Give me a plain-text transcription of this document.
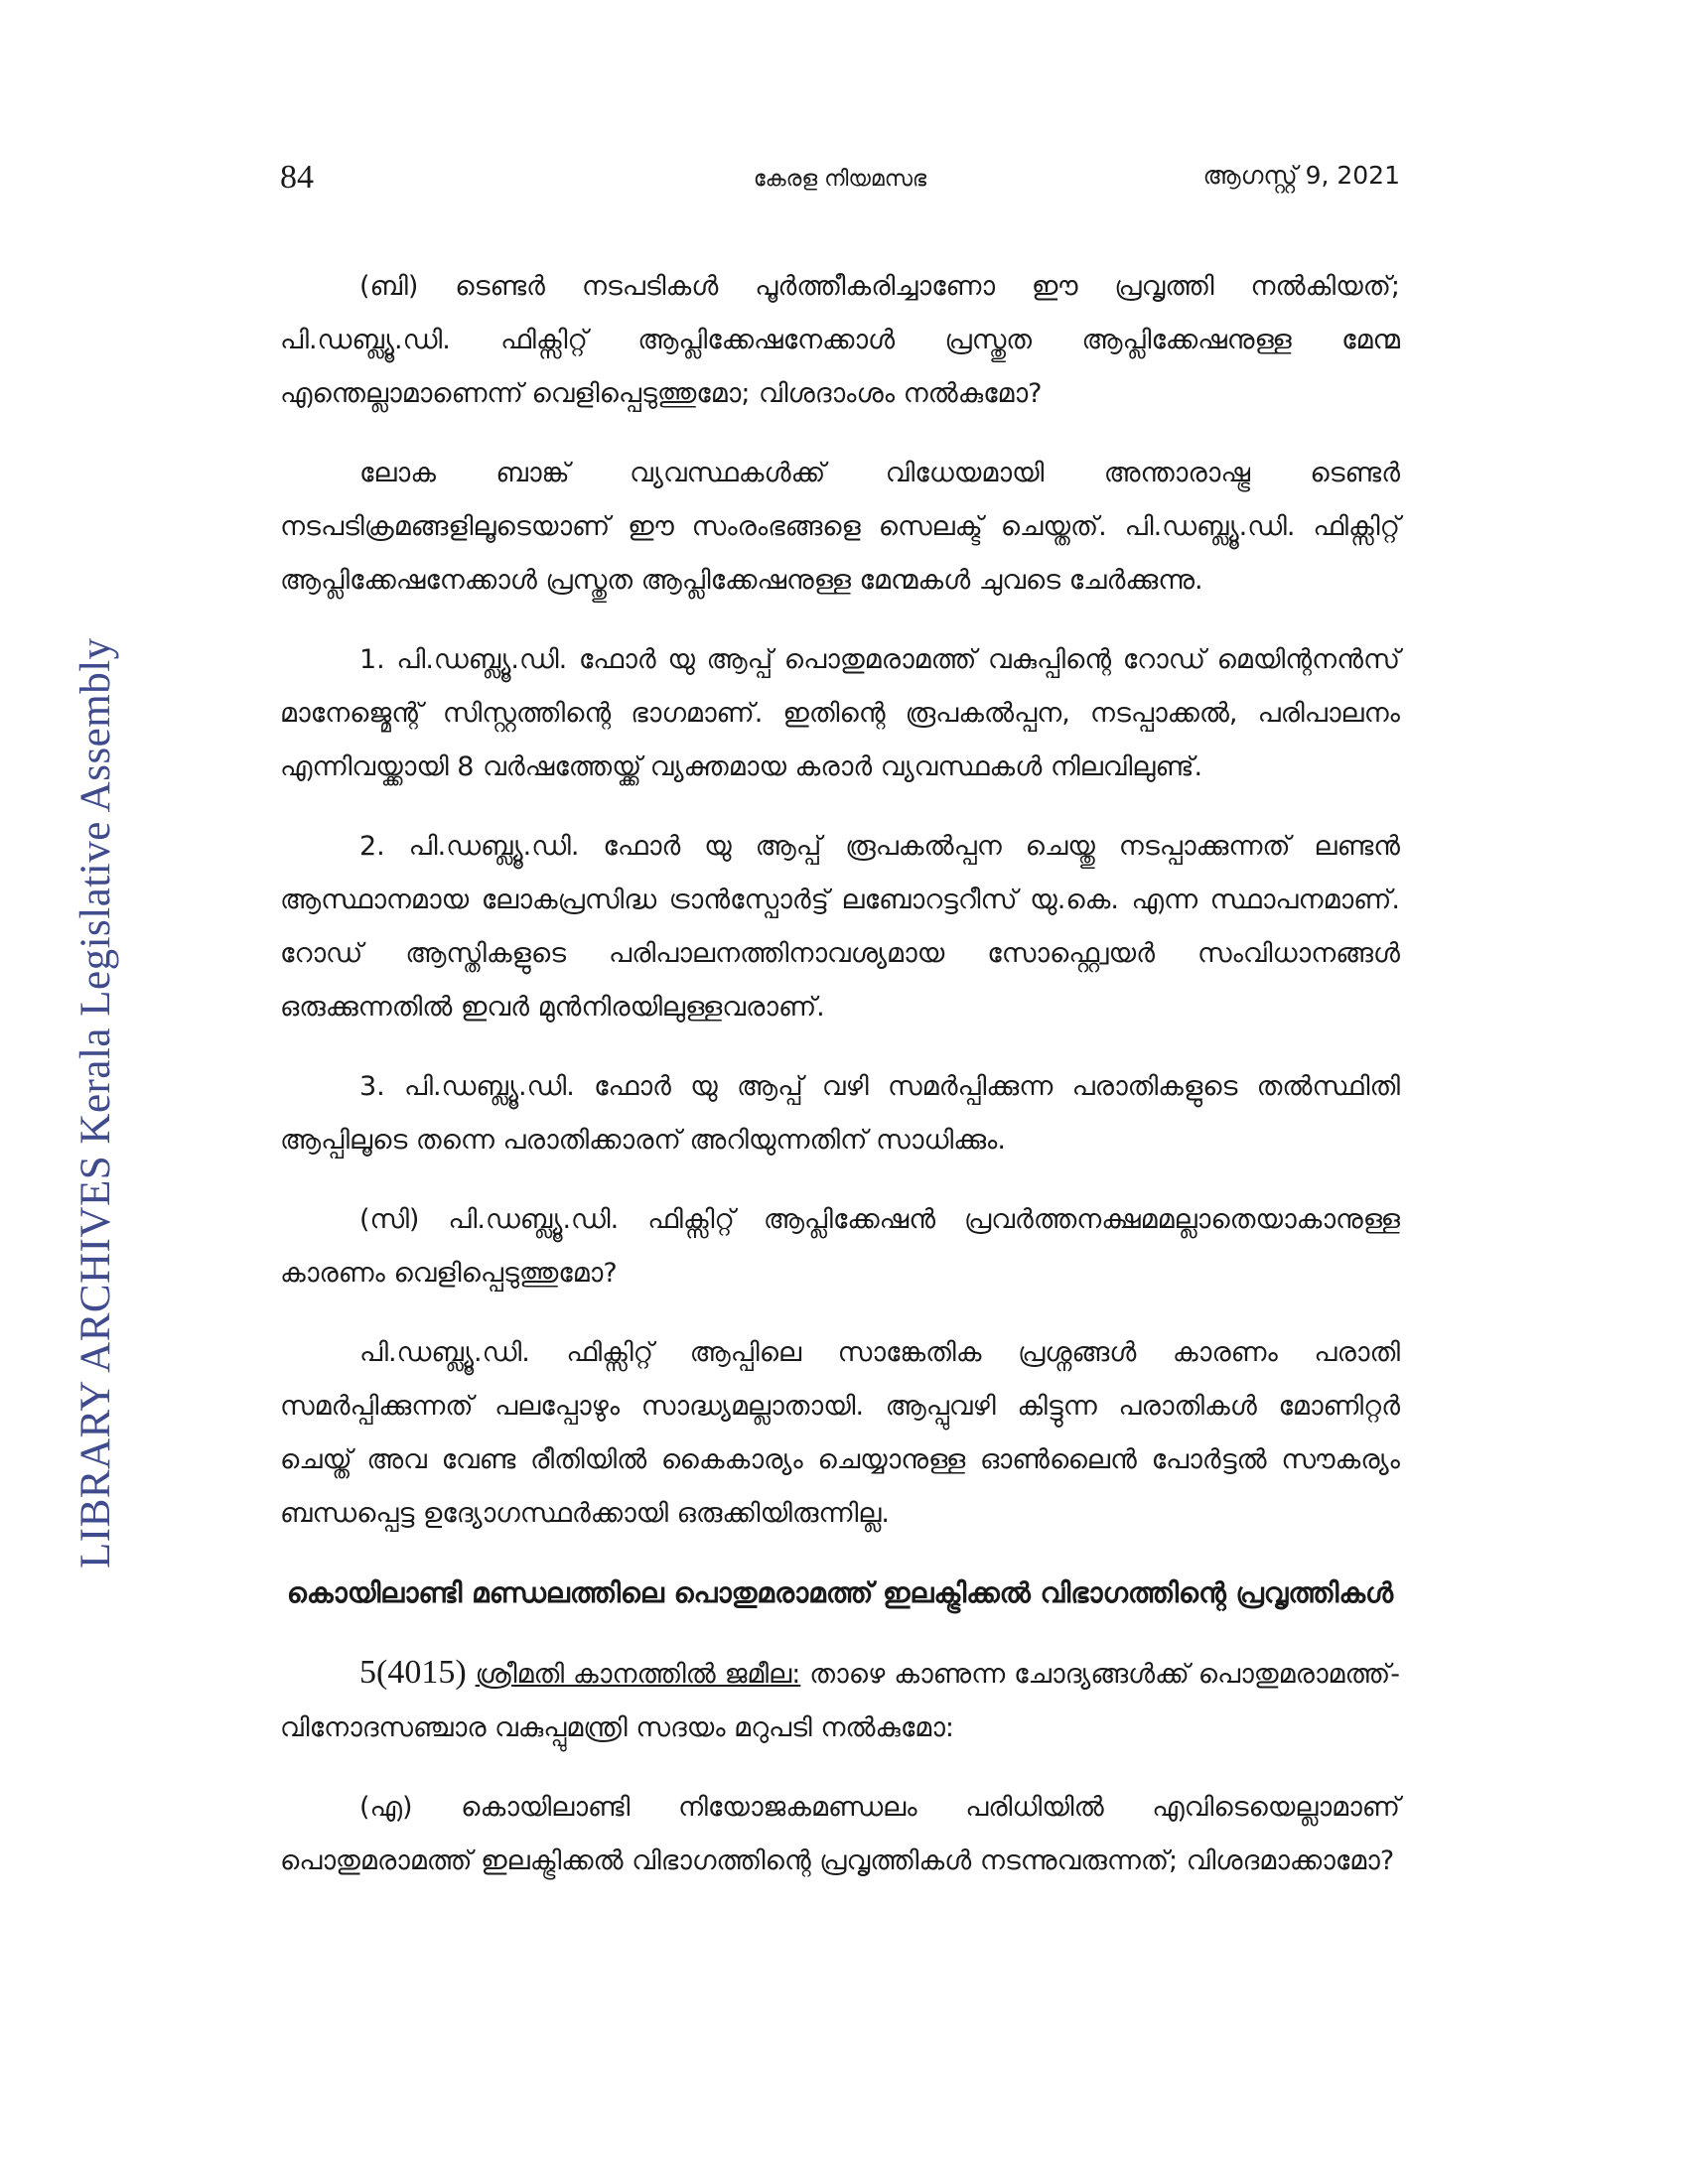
LIBRARY ARCHIVES Kerala Legislative Assembly
84	കേരള നിയമസഭ	ആഗസ്റ്റ് 9, 2021

(ബി) ടെണ്ടർ നടപടികൾ പൂർത്തീകരിച്ചാണോ ഈ പ്രവൃത്തി നൽകിയത്; പി.ഡബ്ല്യൂ.ഡി. ഫിക്സിറ്റ് ആപ്ലിക്കേഷനേക്കാൾ പ്രസ്തുത ആപ്ലിക്കേഷനുള്ള മേന്മ എന്തെല്ലാമാണെന്ന് വെളിപ്പെടുത്തുമോ; വിശദാംശം നൽകുമോ?

ലോക ബാങ്ക് വ്യവസ്ഥകൾക്ക് വിധേയമായി അന്താരാഷ്ട്ര ടെണ്ടർ നടപടിക്രമങ്ങളിലൂടെയാണ് ഈ സംരംഭങ്ങളെ സെലക്ട് ചെയ്തത്. പി.ഡബ്ല്യൂ.ഡി. ഫിക്സിറ്റ് ആപ്ലിക്കേഷനേക്കാൾ പ്രസ്തുത ആപ്ലിക്കേഷനുള്ള മേന്മകൾ ചുവടെ ചേർക്കുന്നു.

1. പി.ഡബ്ല്യൂ.ഡി. ഫോർ യു ആപ്പ് പൊതുമരാമത്ത് വകുപ്പിന്റെ റോഡ് മെയിന്റനൻസ് മാനേജ്മെന്റ് സിസ്റ്റത്തിന്റെ ഭാഗമാണ്. ഇതിന്റെ രൂപകൽപ്പന, നടപ്പാക്കൽ, പരിപാലനം എന്നിവയ്ക്കായി 8 വർഷത്തേയ്ക്ക് വ്യക്തമായ കരാർ വ്യവസ്ഥകൾ നിലവിലുണ്ട്.

2. പി.ഡബ്ല്യൂ.ഡി. ഫോർ യു ആപ്പ് രൂപകൽപ്പന ചെയ്തു നടപ്പാക്കുന്നത് ലണ്ടൻ ആസ്ഥാനമായ ലോകപ്രസിദ്ധ ട്രാൻസ്പോർട്ട് ലബോറട്ടറീസ് യു.കെ. എന്ന സ്ഥാപനമാണ്. റോഡ് ആസ്തികളുടെ പരിപാലനത്തിനാവശ്യമായ സോഫ്റ്റ്വെയർ സംവിധാനങ്ങൾ ഒരുക്കുന്നതിൽ ഇവർ മുൻനിരയിലുള്ളവരാണ്.

3. പി.ഡബ്ല്യൂ.ഡി. ഫോർ യു ആപ്പ് വഴി സമർപ്പിക്കുന്ന പരാതികളുടെ തൽസ്ഥിതി ആപ്പിലൂടെ തന്നെ പരാതിക്കാരന് അറിയുന്നതിന് സാധിക്കും.

(സി) പി.ഡബ്ല്യൂ.ഡി. ഫിക്സിറ്റ് ആപ്ലിക്കേഷൻ പ്രവർത്തനക്ഷമമല്ലാതെയാകാനുള്ള കാരണം വെളിപ്പെടുത്തുമോ?

പി.ഡബ്ല്യൂ.ഡി. ഫിക്സിറ്റ് ആപ്പിലെ സാങ്കേതിക പ്രശ്നങ്ങൾ കാരണം പരാതി സമർപ്പിക്കുന്നത് പലപ്പോഴും സാദ്ധ്യമല്ലാതായി. ആപ്പുവഴി കിട്ടുന്ന പരാതികൾ മോണിറ്റർ ചെയ്ത് അവ വേണ്ട രീതിയിൽ കൈകാര്യം ചെയ്യാനുള്ള ഓൺലൈൻ പോർട്ടൽ സൗകര്യം ബന്ധപ്പെട്ട ഉദ്യോഗസ്ഥർക്കായി ഒരുക്കിയിരുന്നില്ല.

കൊയിലാണ്ടി മണ്ഡലത്തിലെ പൊതുമരാമത്ത് ഇലക്ട്രിക്കൽ വിഭാഗത്തിന്റെ പ്രവൃത്തികൾ

5(4015) ശ്രീമതി കാനത്തിൽ ജമീല: താഴെ കാണുന്ന ചോദ്യങ്ങൾക്ക് പൊതുമരാമത്ത്-വിനോദസഞ്ചാര വകുപ്പുമന്ത്രി സദയം മറുപടി നൽകുമോ:

(എ) കൊയിലാണ്ടി നിയോജകമണ്ഡലം പരിധിയിൽ എവിടെയെല്ലാമാണ് പൊതുമരാമത്ത് ഇലക്ട്രിക്കൽ വിഭാഗത്തിന്റെ പ്രവൃത്തികൾ നടന്നുവരുന്നത്; വിശദമാക്കാമോ?
